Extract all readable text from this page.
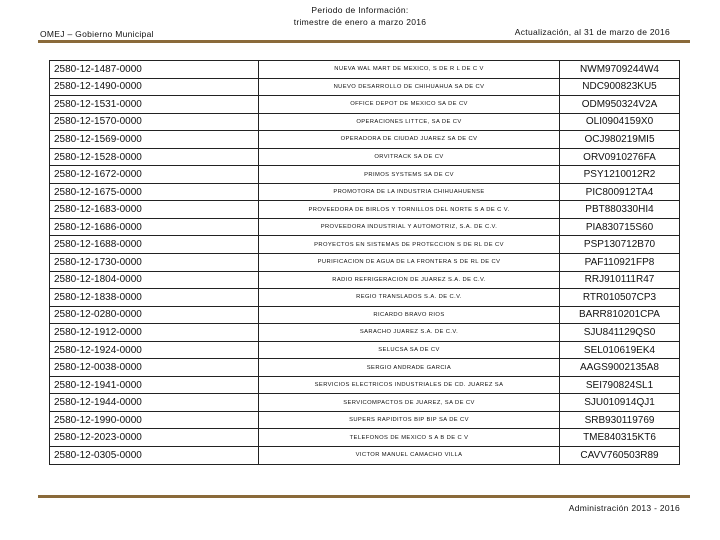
OMEJ – Gobierno Municipal
Periodo de Información:
trimestre de enero a marzo 2016
Actualización, al 31 de marzo de 2016
2580-12-1487-0000	NUEVA WAL MART DE MEXICO, S DE R L DE C V	NWM9709244W4
2580-12-1490-0000	NUEVO DESARROLLO DE CHIHUAHUA SA DE CV	NDC900823KU5
2580-12-1531-0000	OFFICE DEPOT DE MEXICO SA DE CV	ODM950324V2A
2580-12-1570-0000	OPERACIONES LITTCE, SA DE CV	OLI0904159X0
2580-12-1569-0000	OPERADORA DE CIUDAD JUAREZ SA DE CV	OCJ980219MI5
2580-12-1528-0000	ORVITRACK SA DE CV	ORV0910276FA
2580-12-1672-0000	PRIMOS SYSTEMS SA DE CV	PSY1210012R2
2580-12-1675-0000	PROMOTORA DE LA INDUSTRIA CHIHUAHUENSE	PIC800912TA4
2580-12-1683-0000	PROVEEDORA DE BIRLOS Y TORNILLOS DEL NORTE S A DE C V.	PBT880330HI4
2580-12-1686-0000	PROVEEDORA INDUSTRIAL Y AUTOMOTRIZ, S.A. DE C.V.	PIA830715S60
2580-12-1688-0000	PROYECTOS EN SISTEMAS DE PROTECCION S DE RL DE CV	PSP130712B70
2580-12-1730-0000	PURIFICACION DE AGUA DE LA FRONTERA S DE RL DE CV	PAF110921FP8
2580-12-1804-0000	RADIO REFRIGERACION DE JUAREZ S.A. DE C.V.	RRJ910111R47
2580-12-1838-0000	REGIO TRANSLADOS S.A. DE C.V.	RTR010507CP3
2580-12-0280-0000	RICARDO BRAVO RIOS	BARR810201CPA
2580-12-1912-0000	SARACHO JUAREZ S.A. DE C.V.	SJU841129QS0
2580-12-1924-0000	SELUCSA SA DE CV	SEL010619EK4
2580-12-0038-0000	SERGIO ANDRADE GARCIA	AAGS9002135A8
2580-12-1941-0000	SERVICIOS ELECTRICOS INDUSTRIALES DE CD. JUAREZ SA	SEI790824SL1
2580-12-1944-0000	SERVICOMPACTOS DE JUAREZ, SA DE CV	SJU010914QJ1
2580-12-1990-0000	SUPERS RAPIDITOS BIP BIP SA DE CV	SRB930119769
2580-12-2023-0000	TELEFONOS DE MEXICO S A B DE C V	TME840315KT6
2580-12-0305-0000	VICTOR MANUEL CAMACHO VILLA	CAVV760503R89
Administración 2013 - 2016
